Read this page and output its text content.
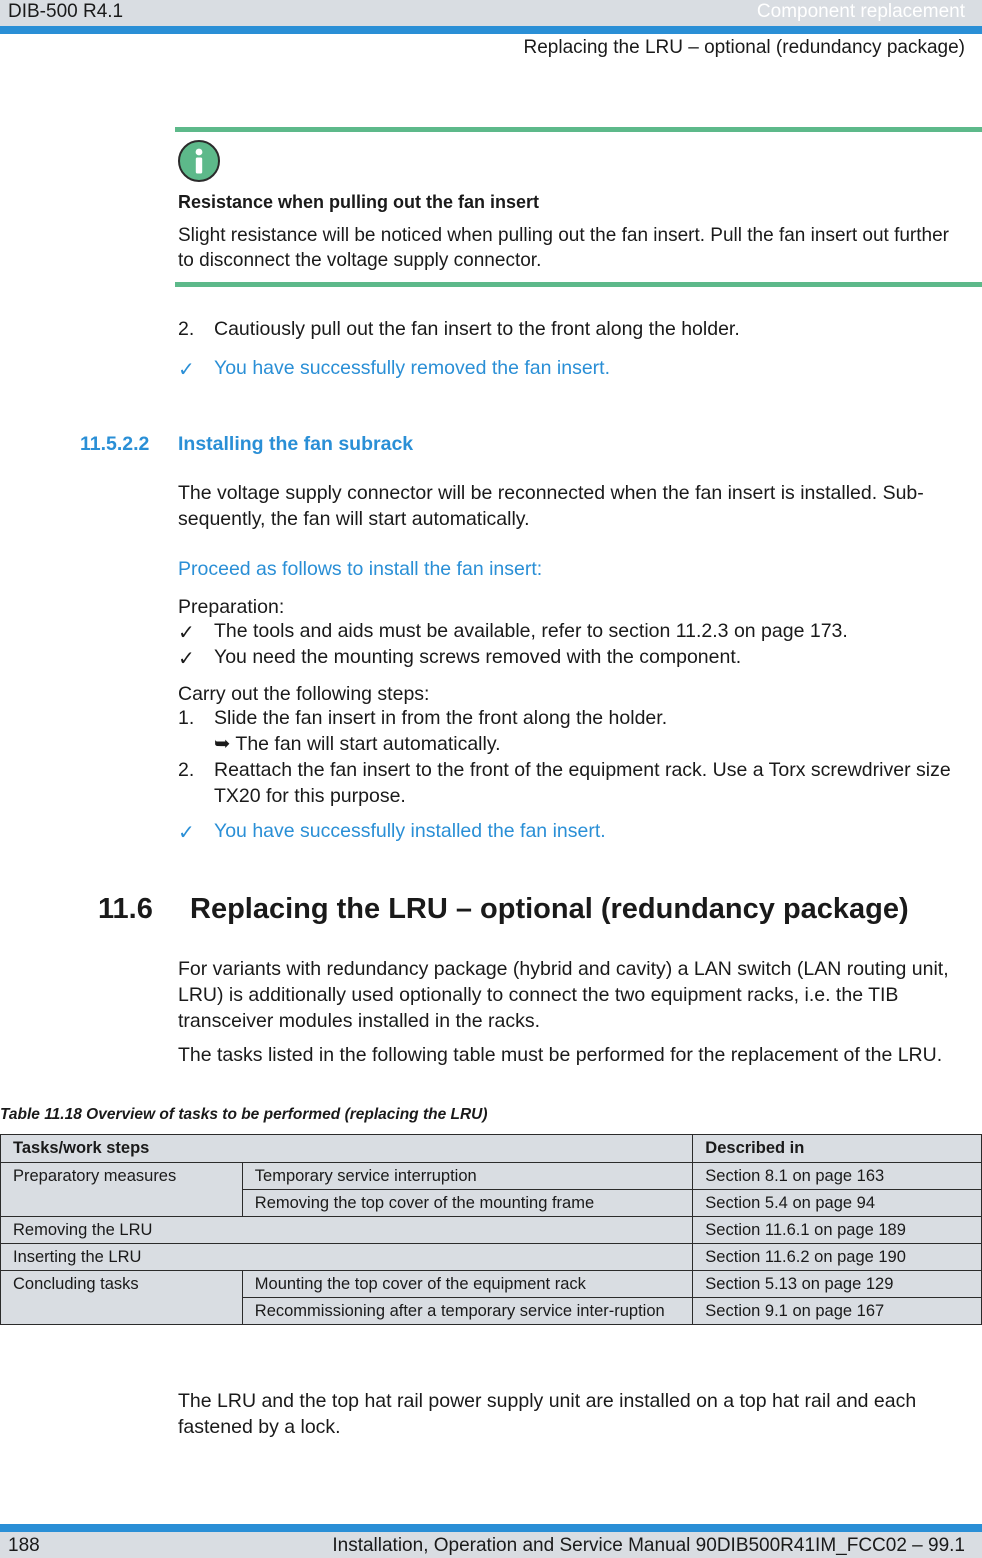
DIB-500 R4.1	Component replacement
Replacing the LRU – optional (redundancy package)
Resistance when pulling out the fan insert
Slight resistance will be noticed when pulling out the fan insert. Pull the fan insert out further to disconnect the voltage supply connector.
2. Cautiously pull out the fan insert to the front along the holder.
✓ You have successfully removed the fan insert.
11.5.2.2 Installing the fan subrack
The voltage supply connector will be reconnected when the fan insert is installed. Sub-sequently, the fan will start automatically.
Proceed as follows to install the fan insert:
Preparation:
✓ The tools and aids must be available, refer to section 11.2.3 on page 173.
✓ You need the mounting screws removed with the component.
Carry out the following steps:
1. Slide the fan insert in from the front along the holder.
➥ The fan will start automatically.
2. Reattach the fan insert to the front of the equipment rack. Use a Torx screwdriver size TX20 for this purpose.
✓ You have successfully installed the fan insert.
11.6 Replacing the LRU – optional (redundancy package)
For variants with redundancy package (hybrid and cavity) a LAN switch (LAN routing unit, LRU) is additionally used optionally to connect the two equipment racks, i.e. the TIB transceiver modules installed in the racks.
The tasks listed in the following table must be performed for the replacement of the LRU.
Table 11.18 Overview of tasks to be performed (replacing the LRU)
Tasks/work steps		Described in
Preparatory measures	Temporary service interruption	Section 8.1 on page 163
	Removing the top cover of the mounting frame	Section 5.4 on page 94
Removing the LRU		Section 11.6.1 on page 189
Inserting the LRU		Section 11.6.2 on page 190
Concluding tasks	Mounting the top cover of the equipment rack	Section 5.13 on page 129
	Recommissioning after a temporary service inter-ruption	Section 9.1 on page 167
The LRU and the top hat rail power supply unit are installed on a top hat rail and each fastened by a lock.
188	Installation, Operation and Service Manual 90DIB500R41IM_FCC02 – 99.1
